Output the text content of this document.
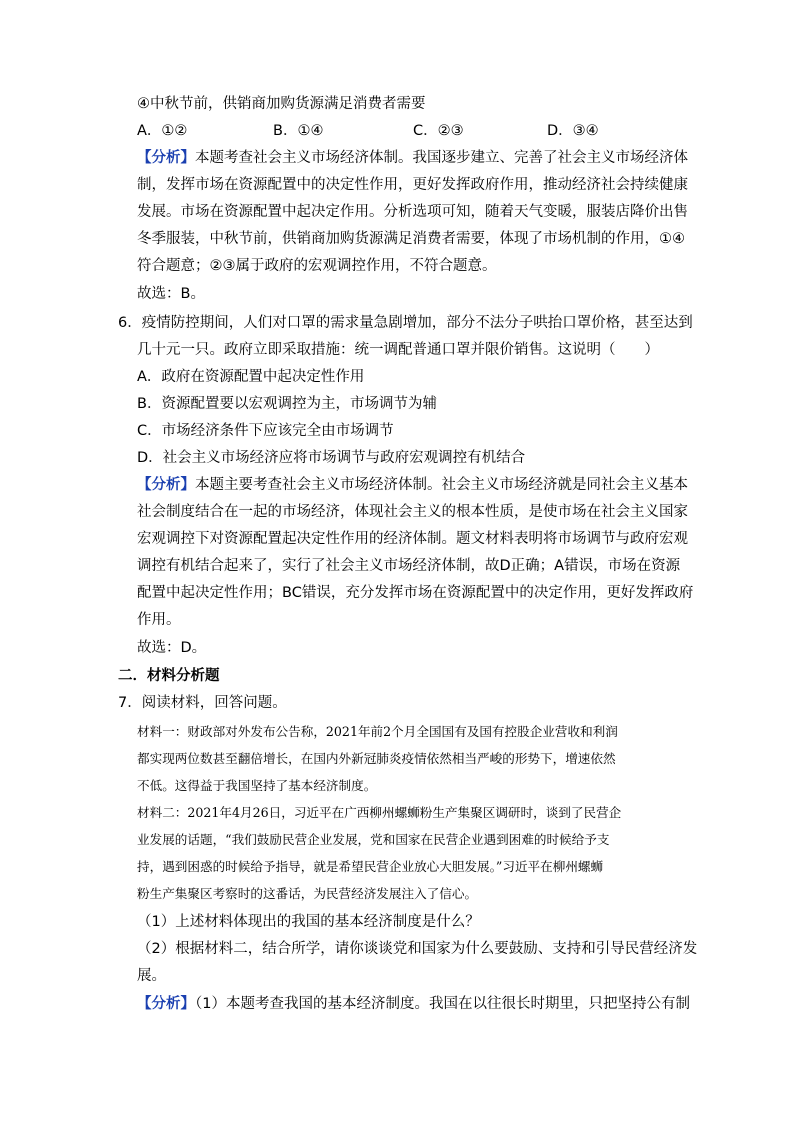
④中秋节前，供销商加购货源满足消费者需要
A．①②	B．①④	C．②③	D．③④
【分析】本题考查社会主义市场经济体制。我国逐步建立、完善了社会主义市场经济体
制，发挥市场在资源配置中的决定性作用，更好发挥政府作用，推动经济社会持续健康
发展。市场在资源配置中起决定作用。分析选项可知，随着天气变暖，服装店降价出售
冬季服装，中秋节前，供销商加购货源满足消费者需要，体现了市场机制的作用，①④
符合题意；②③属于政府的宏观调控作用，不符合题意。
故选：B。
6．疫情防控期间，人们对口罩的需求量急剧增加，部分不法分子哄抬口罩价格，甚至达到
几十元一只。政府立即采取措施：统一调配普通口罩并限价销售。这说明（　　）
A．政府在资源配置中起决定性作用
B．资源配置要以宏观调控为主，市场调节为辅
C．市场经济条件下应该完全由市场调节
D．社会主义市场经济应将市场调节与政府宏观调控有机结合
【分析】本题主要考查社会主义市场经济体制。社会主义市场经济就是同社会主义基本
社会制度结合在一起的市场经济，体现社会主义的根本性质，是使市场在社会主义国家
宏观调控下对资源配置起决定性作用的经济体制。题文材料表明将市场调节与政府宏观
调控有机结合起来了，实行了社会主义市场经济体制，故D正确；A错误，市场在资源
配置中起决定性作用；BC错误，充分发挥市场在资源配置中的决定作用，更好发挥政府
作用。
故选：D。
二．材料分析题
7．阅读材料，回答问题。
材料一：财政部对外发布公告称，2021年前2个月全国国有及国有控股企业营收和利润
都实现两位数甚至翻倍增长，在国内外新冠肺炎疫情依然相当严峻的形势下，增速依然
不低。这得益于我国坚持了基本经济制度。
材料二：2021年4月26日，习近平在广西柳州螺蛳粉生产集聚区调研时，谈到了民营企
业发展的话题，“我们鼓励民营企业发展，党和国家在民营企业遇到困难的时候给予支
持，遇到困惑的时候给予指导，就是希望民营企业放心大胆发展。”习近平在柳州螺蛳
粉生产集聚区考察时的这番话，为民营经济发展注入了信心。
（1）上述材料体现出的我国的基本经济制度是什么？
（2）根据材料二，结合所学，请你谈谈党和国家为什么要鼓励、支持和引导民营经济发
展。
【分析】（1）本题考查我国的基本经济制度。我国在以往很长时期里，只把坚持公有制
